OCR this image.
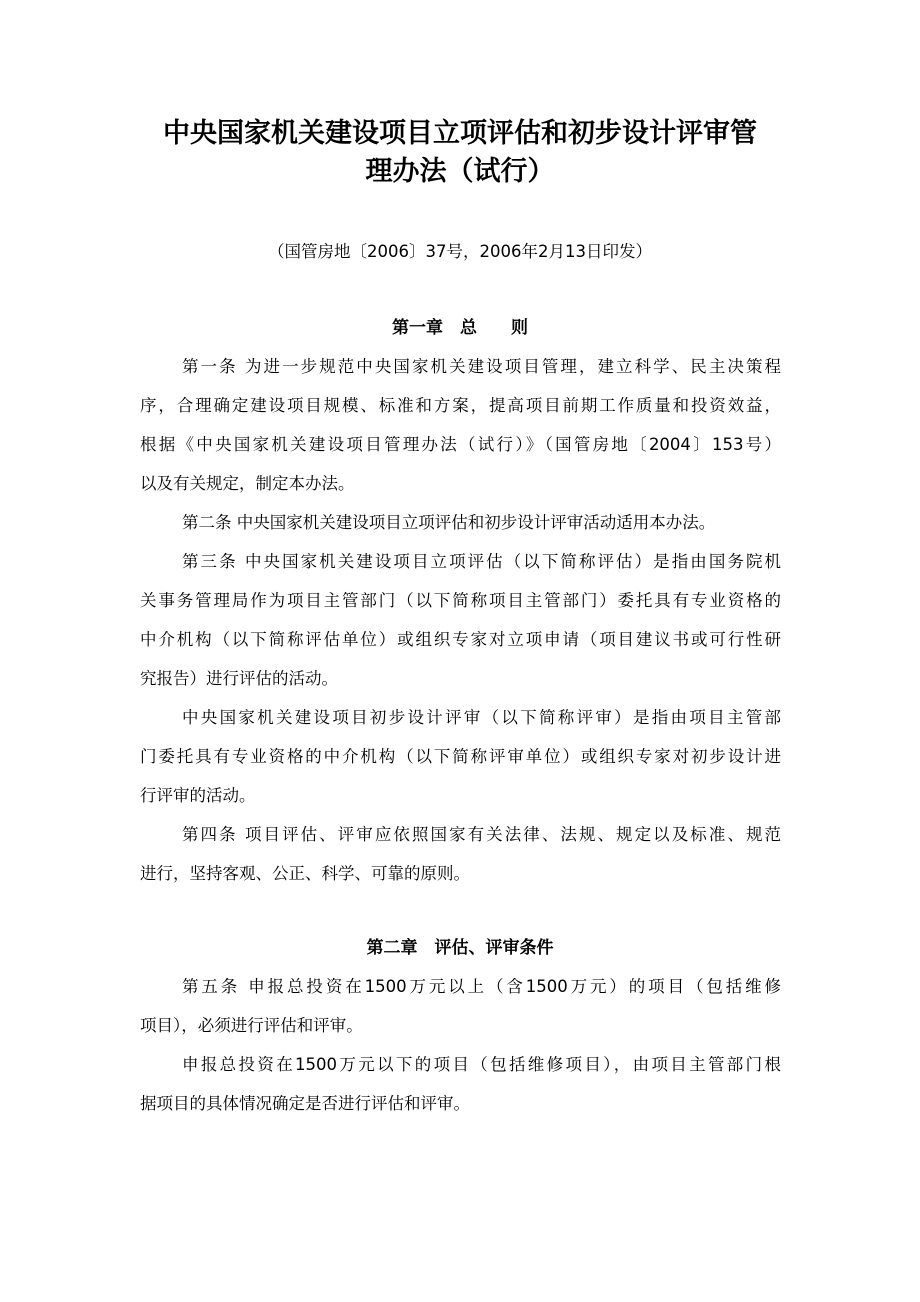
中央国家机关建设项目立项评估和初步设计评审管
理办法（试行）

（国管房地〔2006〕37号，2006年2月13日印发）

第一章　总　　则

第一条 为进一步规范中央国家机关建设项目管理，建立科学、民主决策程

序，合理确定建设项目规模、标准和方案，提高项目前期工作质量和投资效益，

根据《中央国家机关建设项目管理办法（试行）》（国管房地〔2004〕153号）

以及有关规定，制定本办法。

第二条 中央国家机关建设项目立项评估和初步设计评审活动适用本办法。

第三条 中央国家机关建设项目立项评估（以下简称评估）是指由国务院机

关事务管理局作为项目主管部门（以下简称项目主管部门）委托具有专业资格的

中介机构（以下简称评估单位）或组织专家对立项申请（项目建议书或可行性研

究报告）进行评估的活动。

中央国家机关建设项目初步设计评审（以下简称评审）是指由项目主管部

门委托具有专业资格的中介机构（以下简称评审单位）或组织专家对初步设计进

行评审的活动。

第四条 项目评估、评审应依照国家有关法律、法规、规定以及标准、规范

进行，坚持客观、公正、科学、可靠的原则。

第二章　评估、评审条件

第五条 申报总投资在1500万元以上（含1500万元）的项目（包括维修

项目），必须进行评估和评审。

申报总投资在1500万元以下的项目（包括维修项目），由项目主管部门根

据项目的具体情况确定是否进行评估和评审。
